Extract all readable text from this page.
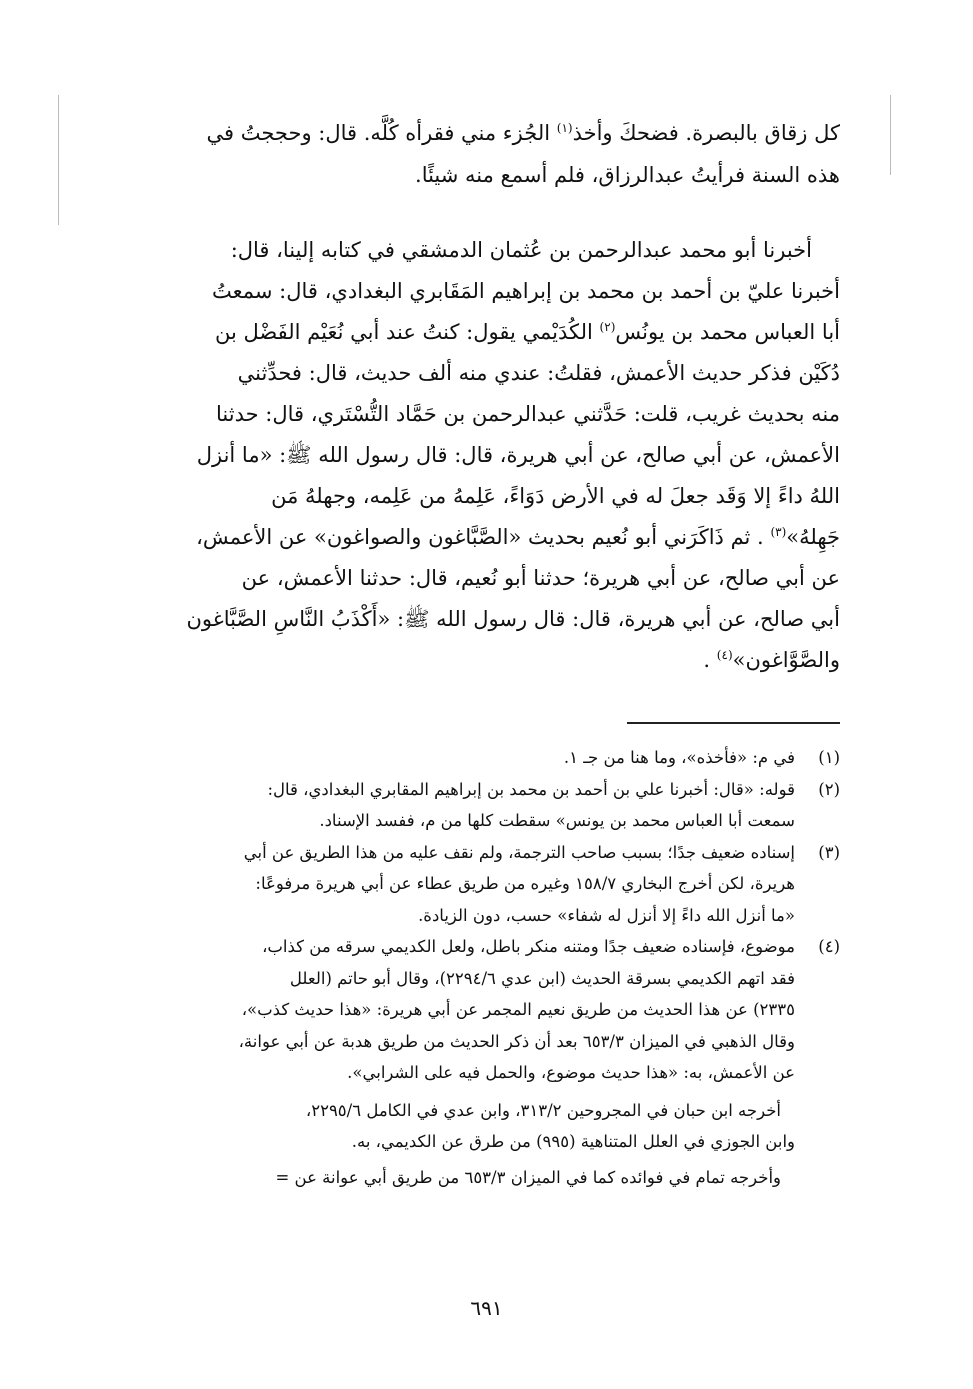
كل زقاق بالبصرة. فضحكَ وأخذ$^{(١)}$ الجُزء مني فقرأه كُلَّه. قال: وحججتُ في
هذه السنة فرأيتُ عبدالرزاق، فلم أسمع منه شيئًا.
أخبرنا أبو محمد عبدالرحمن بن عُثمان الدمشقي في كتابه إلينا، قال:
أخبرنا عليّ بن أحمد بن محمد بن إبراهيم المَقَابري البغدادي، قال: سمعتُ
أبا العباس محمد بن يونُس$^{(٢)}$ الكُدَيْمي يقول: كنتُ عند أبي نُعَيْم الفَضْل بن
دُكَيْن فذكر حديث الأعمش، فقلتُ: عندي منه ألف حديث، قال: فحدِّثني
منه بحديث غريب، قلت: حَدَّثني عبدالرحمن بن حَمَّاد التُّسْتَري، قال: حدثنا
الأعمش، عن أبي صالح، عن أبي هريرة، قال: قال رسول الله ﷺ: «ما أنزل
اللهُ داءً إلا وَقَد جعلَ له في الأرض دَوَاءً، عَلِمهُ من عَلِمه، وجهلهُ مَن
جَهِلهُ»$^{(٣)}$ . ثم ذَاكَرَني أبو نُعيم بحديث «الصَّبَّاغون والصواغون» عن الأعمش،
عن أبي صالح، عن أبي هريرة؛ حدثنا أبو نُعيم، قال: حدثنا الأعمش، عن
أبي صالح، عن أبي هريرة، قال: قال رسول الله ﷺ: «أَكْذَبُ النَّاسِ الصَّبَّاغون
والصَّوَّاغون»$^{(٤)}$ .
(١)
في م: «فأخذه»، وما هنا من جـ ١.
(٢)
قوله: «قال: أخبرنا علي بن أحمد بن محمد بن إبراهيم المقابري البغدادي، قال:
سمعت أبا العباس محمد بن يونس» سقطت كلها من م، ففسد الإسناد.
(٣)
إسناده ضعيف جدًا؛ بسبب صاحب الترجمة، ولم نقف عليه من هذا الطريق عن أبي
هريرة، لكن أخرج البخاري ١٥٨/٧ وغيره من طريق عطاء عن أبي هريرة مرفوعًا:
«ما أنزل الله داءً إلا أنزل له شفاء» حسب، دون الزيادة.
(٤)
موضوع، فإسناده ضعيف جدًا ومتنه منكر باطل، ولعل الكديمي سرقه من كذاب،
فقد اتهم الكديمي بسرقة الحديث (ابن عدي ٢٢٩٤/٦)، وقال أبو حاتم (العلل
٢٣٣٥) عن هذا الحديث من طريق نعيم المجمر عن أبي هريرة: «هذا حديث كذب»،
وقال الذهبي في الميزان ٦٥٣/٣ بعد أن ذكر الحديث من طريق هدبة عن أبي عوانة،
عن الأعمش، به: «هذا حديث موضوع، والحمل فيه على الشرابي».
أخرجه ابن حبان في المجروحين ٣١٣/٢، وابن عدي في الكامل ٢٢٩٥/٦،
وابن الجوزي في العلل المتناهية (٩٩٥) من طرق عن الكديمي، به.
وأخرجه تمام في فوائده كما في الميزان ٦٥٣/٣ من طريق أبي عوانة عن =
٦٩١
